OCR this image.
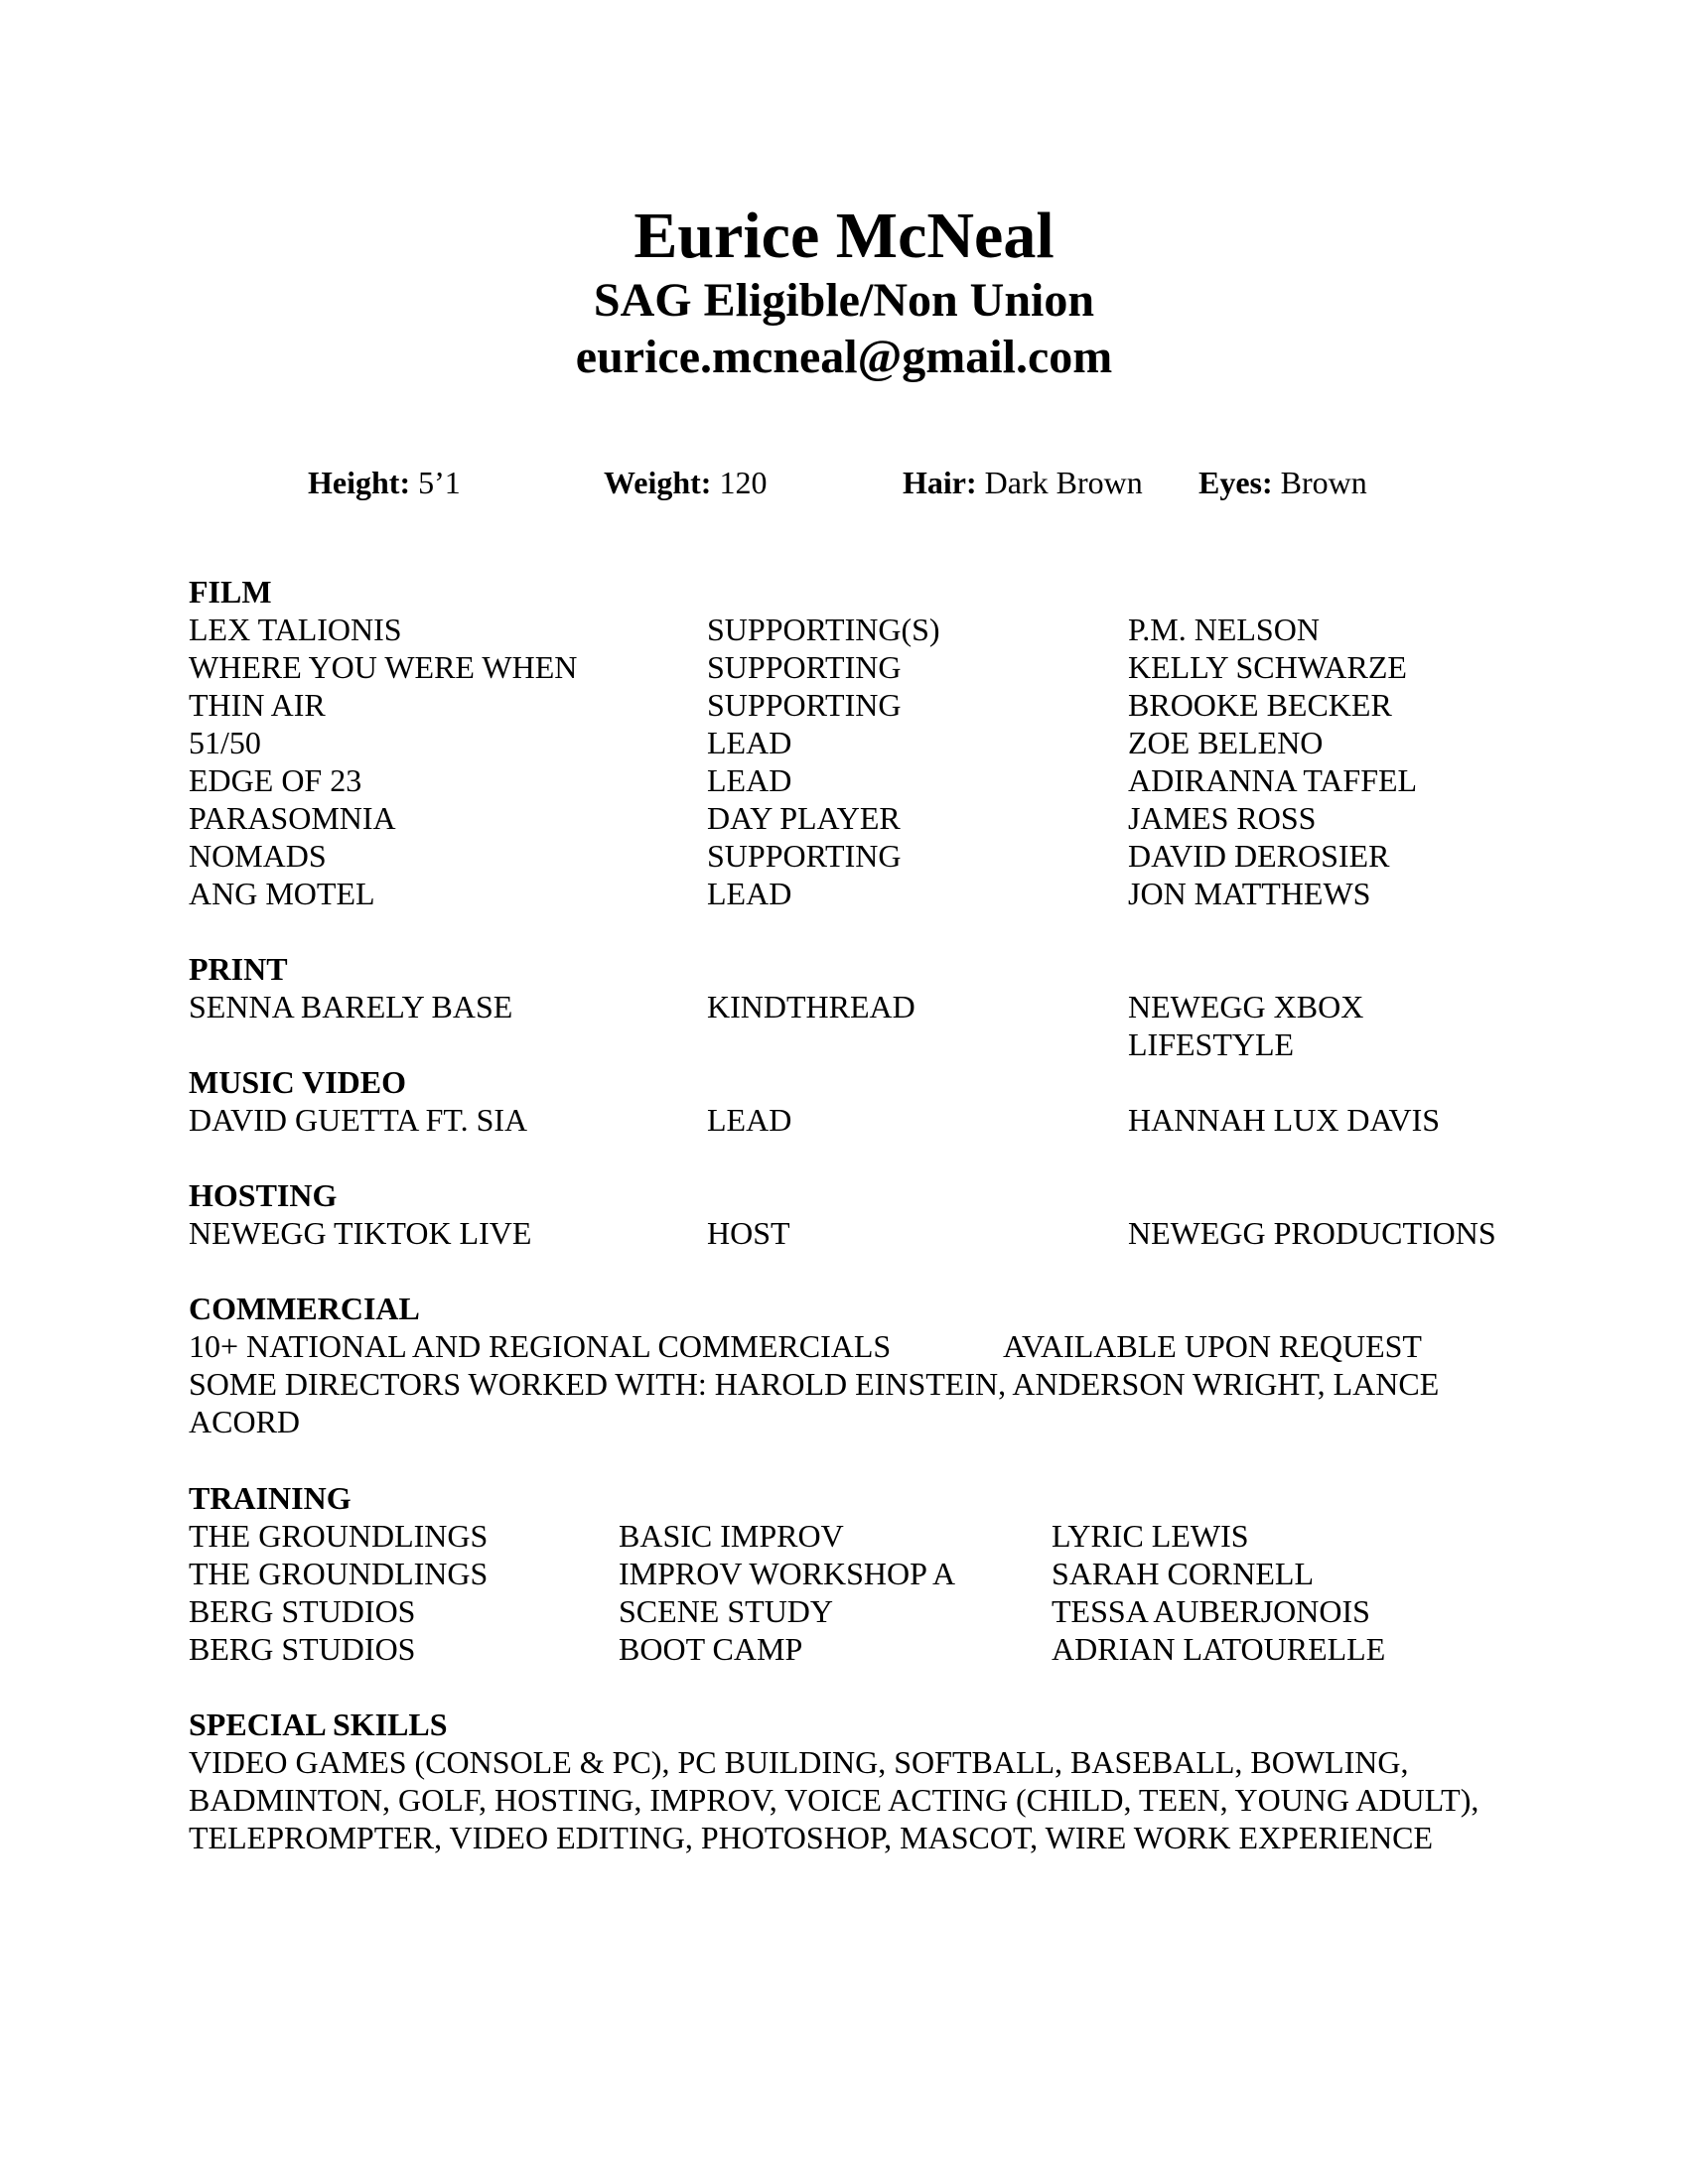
Eurice McNeal
SAG Eligible/Non Union
eurice.mcneal@gmail.com
Height: 5’1	Weight: 120	Hair: Dark Brown Eyes: Brown
FILM
LEX TALIONIS	SUPPORTING(S)	P.M. NELSON
WHERE YOU WERE WHEN	SUPPORTING	KELLY SCHWARZE
THIN AIR	SUPPORTING	BROOKE BECKER
51/50	LEAD	ZOE BELENO
EDGE OF 23	LEAD	ADIRANNA TAFFEL
PARASOMNIA	DAY PLAYER	JAMES ROSS
NOMADS	SUPPORTING	DAVID DEROSIER
ANG MOTEL	LEAD	JON MATTHEWS
PRINT
SENNA BARELY BASE	KINDTHREAD	NEWEGG XBOX
LIFESTYLE
MUSIC VIDEO
DAVID GUETTA FT. SIA	LEAD	HANNAH LUX DAVIS
HOSTING
NEWEGG TIKTOK LIVE	HOST	NEWEGG PRODUCTIONS
COMMERCIAL
10+ NATIONAL AND REGIONAL COMMERCIALS	AVAILABLE UPON REQUEST
SOME DIRECTORS WORKED WITH: HAROLD EINSTEIN, ANDERSON WRIGHT, LANCE ACORD
TRAINING
THE GROUNDLINGS	BASIC IMPROV	LYRIC LEWIS
THE GROUNDLINGS	IMPROV WORKSHOP A	SARAH CORNELL
BERG STUDIOS	SCENE STUDY	TESSA AUBERJONOIS
BERG STUDIOS	BOOT CAMP	ADRIAN LATOURELLE
SPECIAL SKILLS
VIDEO GAMES (CONSOLE & PC), PC BUILDING, SOFTBALL, BASEBALL, BOWLING, BADMINTON, GOLF, HOSTING, IMPROV, VOICE ACTING (CHILD, TEEN, YOUNG ADULT), TELEPROMPTER, VIDEO EDITING, PHOTOSHOP, MASCOT, WIRE WORK EXPERIENCE
